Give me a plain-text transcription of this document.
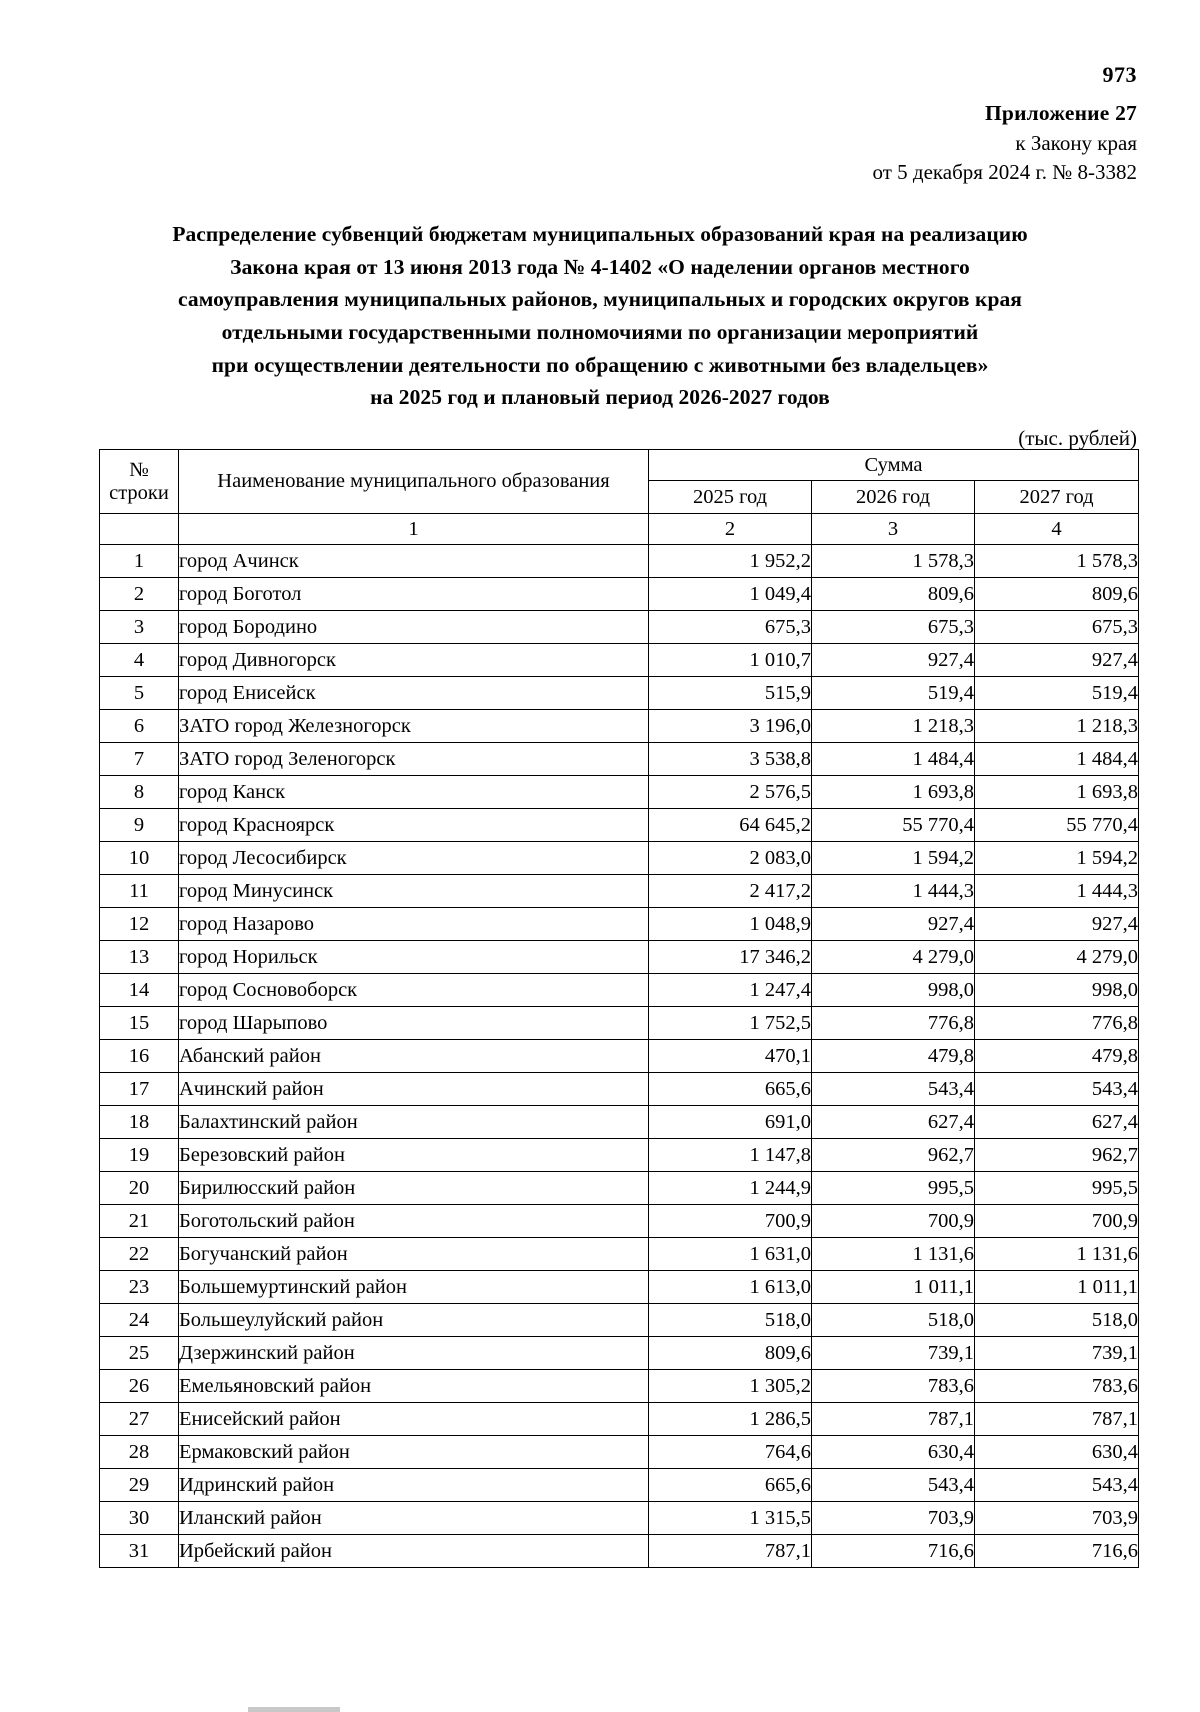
973
Приложение 27
к Закону края
от 5 декабря 2024 г. № 8-3382
Распределение субвенций бюджетам муниципальных образований края на реализацию
Закона края от 13 июня 2013 года № 4-1402 «О наделении органов местного
самоуправления муниципальных районов, муниципальных и городских округов края
отдельными государственными полномочиями по организации мероприятий
при осуществлении деятельности по обращению с животными без владельцев»
на 2025 год и плановый период 2026-2027 годов
(тыс. рублей)
№
строки	Наименование муниципального образования	Сумма		
		2025 год	2026 год	2027 год
	1	2	3	4
1	город Ачинск	1 952,2	1 578,3	1 578,3
2	город Боготол	1 049,4	809,6	809,6
3	город Бородино	675,3	675,3	675,3
4	город Дивногорск	1 010,7	927,4	927,4
5	город Енисейск	515,9	519,4	519,4
6	ЗАТО город Железногорск	3 196,0	1 218,3	1 218,3
7	ЗАТО город Зеленогорск	3 538,8	1 484,4	1 484,4
8	город Канск	2 576,5	1 693,8	1 693,8
9	город Красноярск	64 645,2	55 770,4	55 770,4
10	город Лесосибирск	2 083,0	1 594,2	1 594,2
11	город Минусинск	2 417,2	1 444,3	1 444,3
12	город Назарово	1 048,9	927,4	927,4
13	город Норильск	17 346,2	4 279,0	4 279,0
14	город Сосновоборск	1 247,4	998,0	998,0
15	город Шарыпово	1 752,5	776,8	776,8
16	Абанский район	470,1	479,8	479,8
17	Ачинский район	665,6	543,4	543,4
18	Балахтинский район	691,0	627,4	627,4
19	Березовский район	1 147,8	962,7	962,7
20	Бирилюсский район	1 244,9	995,5	995,5
21	Боготольский район	700,9	700,9	700,9
22	Богучанский район	1 631,0	1 131,6	1 131,6
23	Большемуртинский район	1 613,0	1 011,1	1 011,1
24	Большеулуйский район	518,0	518,0	518,0
25	Дзержинский район	809,6	739,1	739,1
26	Емельяновский район	1 305,2	783,6	783,6
27	Енисейский район	1 286,5	787,1	787,1
28	Ермаковский район	764,6	630,4	630,4
29	Идринский район	665,6	543,4	543,4
30	Иланский район	1 315,5	703,9	703,9
31	Ирбейский район	787,1	716,6	716,6
